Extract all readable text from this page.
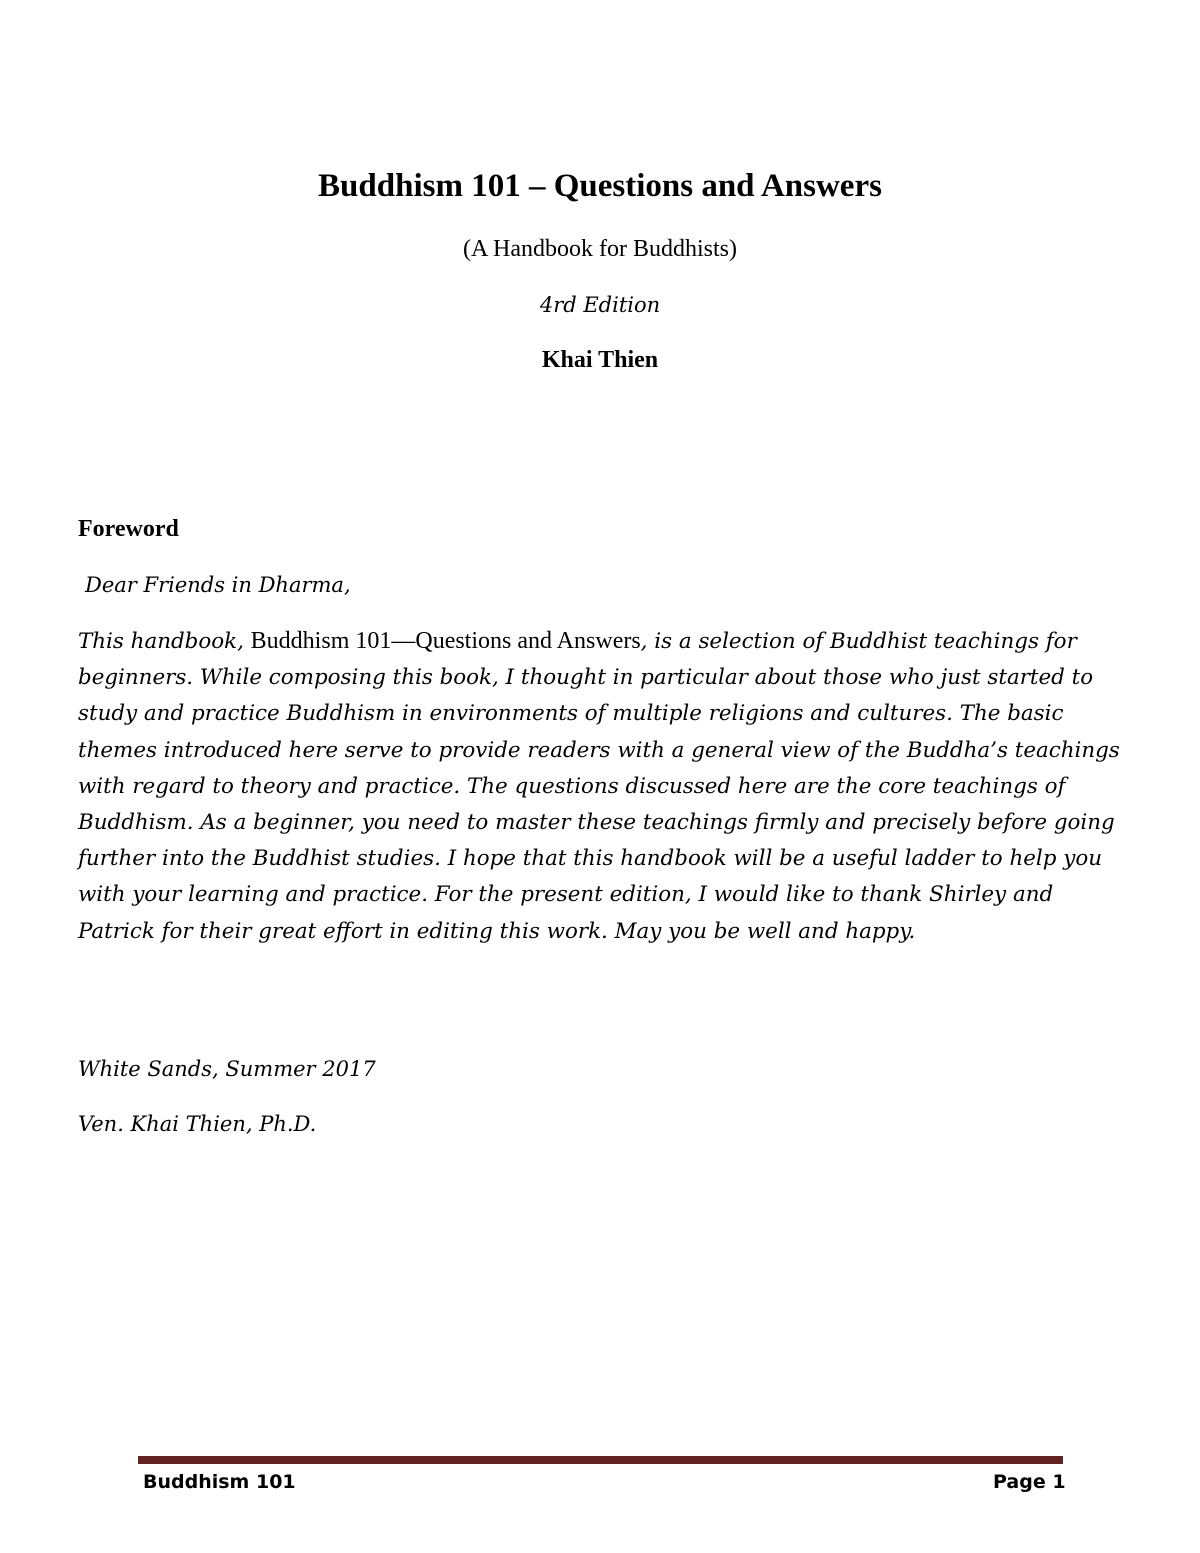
Buddhism 101 – Questions and Answers
(A Handbook for Buddhists)
4rd Edition
Khai Thien
Foreword
Dear Friends in Dharma,

This handbook, Buddhism 101—Questions and Answers, is a selection of Buddhist teachings for beginners. While composing this book, I thought in particular about those who just started to study and practice Buddhism in environments of multiple religions and cultures. The basic themes introduced here serve to provide readers with a general view of the Buddha’s teachings with regard to theory and practice. The questions discussed here are the core teachings of Buddhism. As a beginner, you need to master these teachings firmly and precisely before going further into the Buddhist studies. I hope that this handbook will be a useful ladder to help you with your learning and practice. For the present edition, I would like to thank Shirley and Patrick for their great effort in editing this work. May you be well and happy.

White Sands, Summer 2017
Ven. Khai Thien, Ph.D.
Buddhism 101	Page 1
